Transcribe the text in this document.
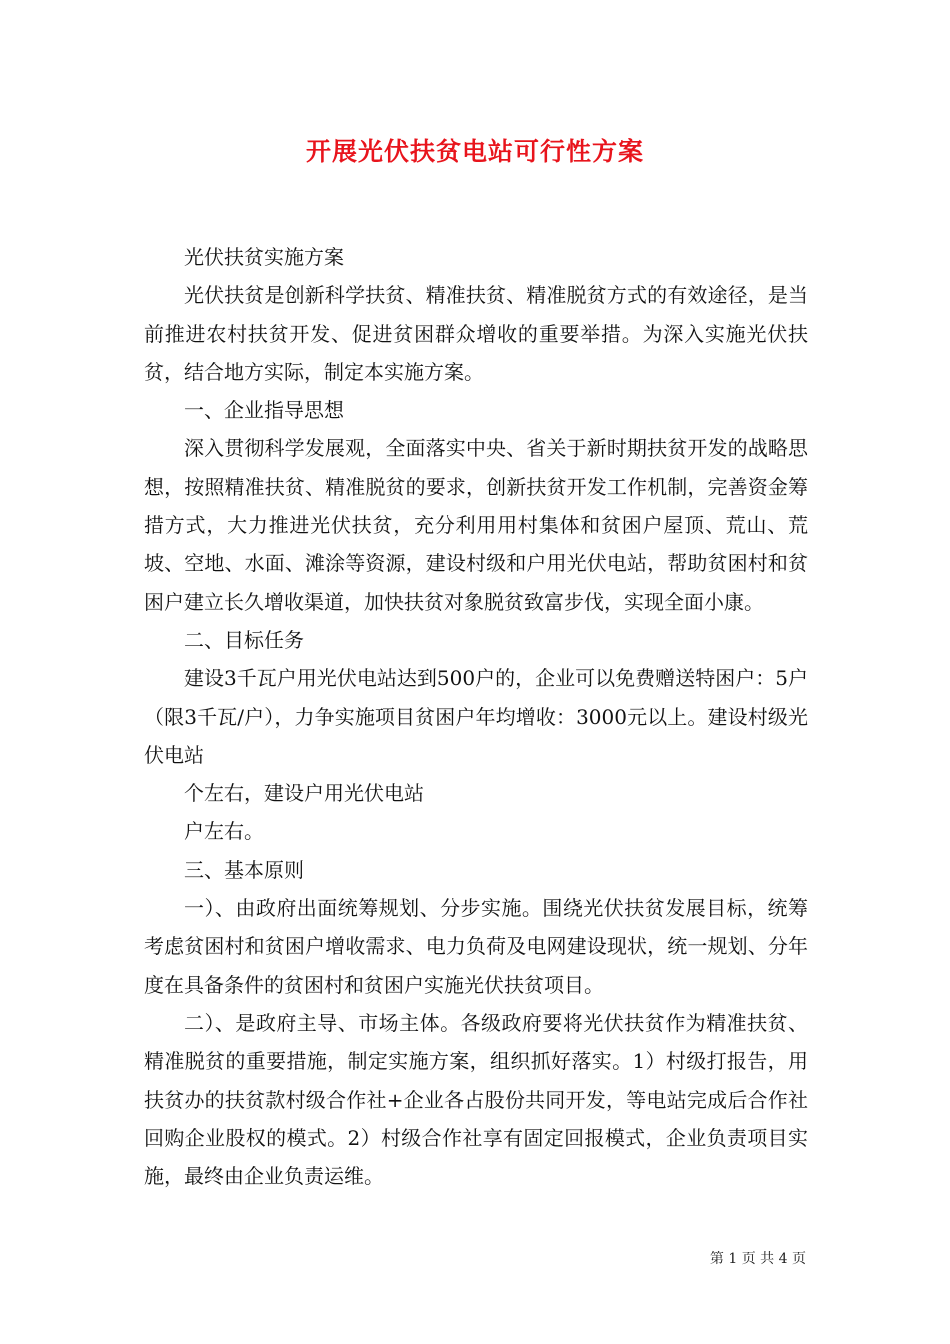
开展光伏扶贫电站可行性方案

光伏扶贫实施方案

光伏扶贫是创新科学扶贫、精准扶贫、精准脱贫方式的有效途径，是当前推进农村扶贫开发、促进贫困群众增收的重要举措。为深入实施光伏扶贫，结合地方实际，制定本实施方案。

一、企业指导思想

深入贯彻科学发展观，全面落实中央、省关于新时期扶贫开发的战略思想，按照精准扶贫、精准脱贫的要求，创新扶贫开发工作机制，完善资金筹措方式，大力推进光伏扶贫，充分利用用村集体和贫困户屋顶、荒山、荒坡、空地、水面、滩涂等资源，建设村级和户用光伏电站，帮助贫困村和贫困户建立长久增收渠道，加快扶贫对象脱贫致富步伐，实现全面小康。

二、目标任务

建设3千瓦户用光伏电站达到500户的，企业可以免费赠送特困户：5户（限3千瓦/户），力争实施项目贫困户年均增收：3000元以上。建设村级光伏电站

个左右，建设户用光伏电站

户左右。

三、基本原则

一）、由政府出面统筹规划、分步实施。围绕光伏扶贫发展目标，统筹考虑贫困村和贫困户增收需求、电力负荷及电网建设现状，统一规划、分年度在具备条件的贫困村和贫困户实施光伏扶贫项目。

二）、是政府主导、市场主体。各级政府要将光伏扶贫作为精准扶贫、精准脱贫的重要措施，制定实施方案，组织抓好落实。1）村级打报告，用扶贫办的扶贫款村级合作社+企业各占股份共同开发，等电站完成后合作社回购企业股权的模式。2）村级合作社享有固定回报模式，企业负责项目实施，最终由企业负责运维。

第 1 页 共 4 页
